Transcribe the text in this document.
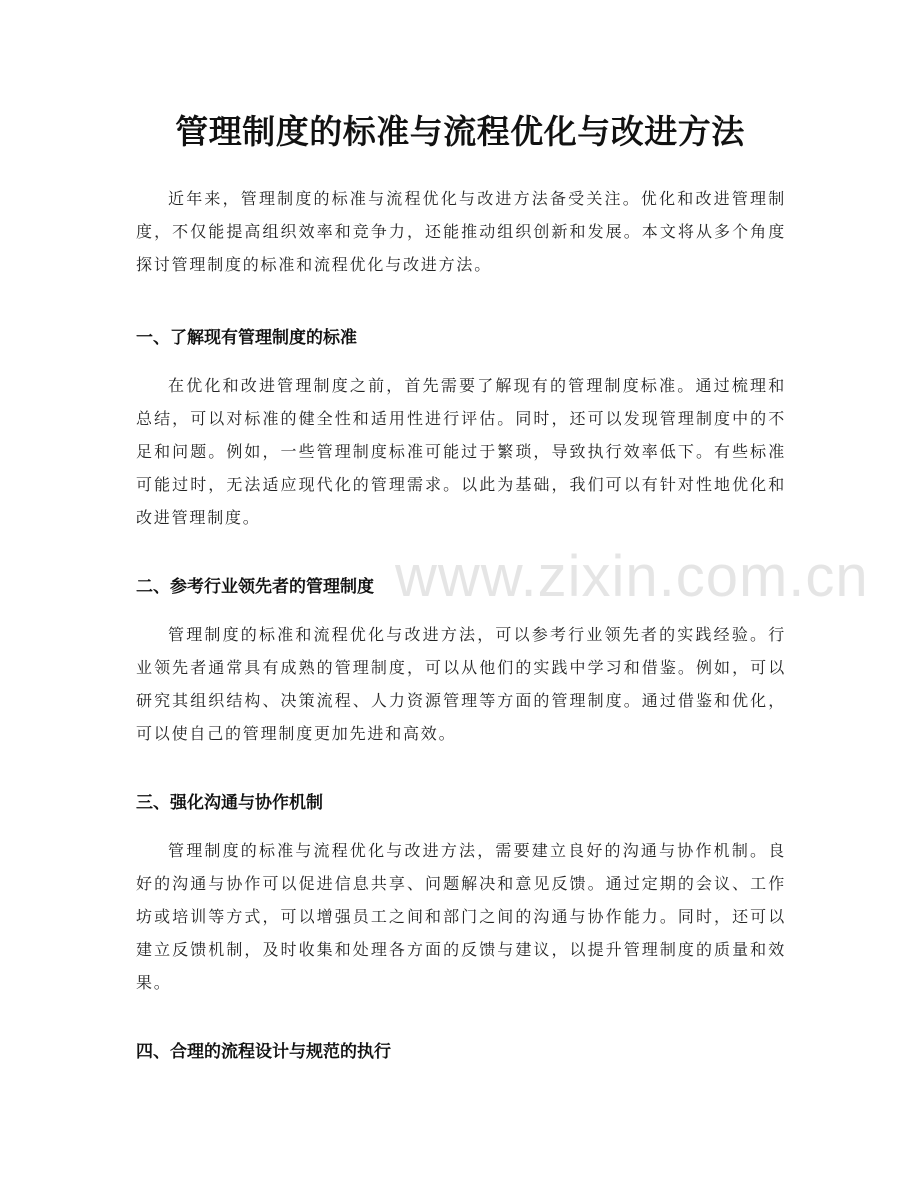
管理制度的标准与流程优化与改进方法

近年来，管理制度的标准与流程优化与改进方法备受关注。优化和改进管理制度，不仅能提高组织效率和竞争力，还能推动组织创新和发展。本文将从多个角度探讨管理制度的标准和流程优化与改进方法。

一、了解现有管理制度的标准

在优化和改进管理制度之前，首先需要了解现有的管理制度标准。通过梳理和总结，可以对标准的健全性和适用性进行评估。同时，还可以发现管理制度中的不足和问题。例如，一些管理制度标准可能过于繁琐，导致执行效率低下。有些标准可能过时，无法适应现代化的管理需求。以此为基础，我们可以有针对性地优化和改进管理制度。

二、参考行业领先者的管理制度

管理制度的标准和流程优化与改进方法，可以参考行业领先者的实践经验。行业领先者通常具有成熟的管理制度，可以从他们的实践中学习和借鉴。例如，可以研究其组织结构、决策流程、人力资源管理等方面的管理制度。通过借鉴和优化，可以使自己的管理制度更加先进和高效。

三、强化沟通与协作机制

管理制度的标准与流程优化与改进方法，需要建立良好的沟通与协作机制。良好的沟通与协作可以促进信息共享、问题解决和意见反馈。通过定期的会议、工作坊或培训等方式，可以增强员工之间和部门之间的沟通与协作能力。同时，还可以建立反馈机制，及时收集和处理各方面的反馈与建议，以提升管理制度的质量和效果。

四、合理的流程设计与规范的执行
www.zixin.com.cn
